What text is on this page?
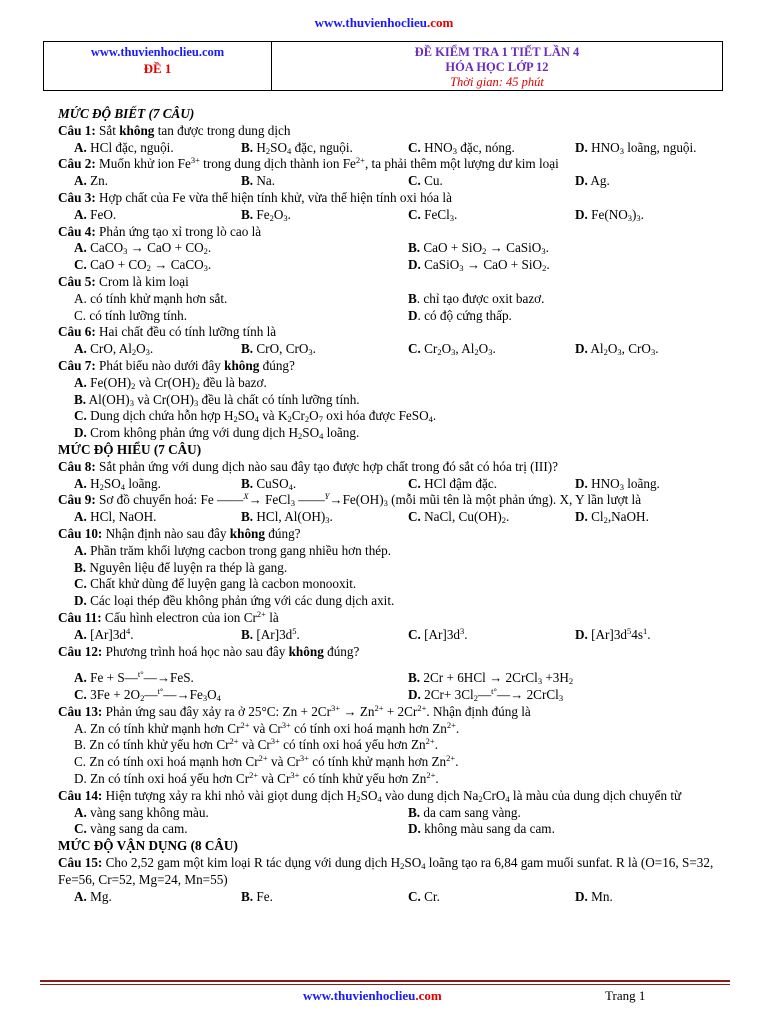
www.thuvienhoclieu.com
www.thuvienhoclieu.com
ĐỀ 1
ĐỀ KIỂM TRA 1 TIẾT LẦN 4
HÓA HỌC LỚP 12
Thời gian: 45 phút
MỨC ĐỘ BIẾT (7 CÂU)
Câu 1: Sắt không tan được trong dung dịch
A. HCl đặc, nguội.	B. $H_2SO_4$ đặc, nguội.	C. $HNO_3$ đặc, nóng.	D. $HNO_3$ loãng, nguội.
Câu 2: Muốn khử ion $Fe^{3+}$ trong dung dịch thành ion $Fe^{2+}$, ta phải thêm một lượng dư kim loại
A. Zn.	B. Na.	C. Cu.	D. Ag.
Câu 3: Hợp chất của Fe vừa thể hiện tính khử, vừa thể hiện tính oxi hóa là
A. FeO.	B. $Fe_2O_3$.	C. FeCl$_3$.	D. $Fe(NO_3)_3$.
Câu 4: Phản ứng tạo xỉ trong lò cao là
A. CaCO$_3$ → CaO + $CO_2$.	B. CaO + SiO$_2$ → CaSiO$_3$.
C. CaO + $CO_2$ → CaCO$_3$.	D. CaSiO$_3$ → CaO + SiO$_2$.
Câu 5: Crom là kim loại
A. có tính khử mạnh hơn sắt.	B. chỉ tạo được oxit bazơ.
C. có tính lưỡng tính.	D. có độ cứng thấp.
Câu 6: Hai chất đều có tính lưỡng tính là
A. CrO, $Al_2O_3$.	B. CrO, CrO$_3$.	C. $Cr_2O_3$, $Al_2O_3$.	D. $Al_2O_3$, CrO$_3$.
Câu 7: Phát biểu nào dưới đây không đúng?
A. $Fe(OH)_2$ và $Cr(OH)_2$ đều là bazơ.
B. $Al(OH)_3$ và $Cr(OH)_3$ đều là chất có tính lưỡng tính.
C. Dung dịch chứa hỗn hợp $H_2SO_4$ và $K_2Cr_2O_7$ oxi hóa được FeSO$_4$.
D. Crom không phản ứng với dung dịch $H_2SO_4$ loãng.
MỨC ĐỘ HIỂU (7 CÂU)
Câu 8: Sắt phản ứng với dung dịch nào sau đây tạo được hợp chất trong đó sắt có hóa trị (III)?
A. $H_2SO_4$ loãng.	B. CuSO$_4$.	C. HCl đậm đặc.	D. $HNO_3$ loãng.
Câu 9: Sơ đồ chuyển hoá: Fe ——$^X$→ FeCl$_3$ $——^Y\to Fe(OH)_3$ (mỗi mũi tên là một phản ứng). X, Y lần lượt là
A. HCl, NaOH.	B. HCl, $Al(OH)_3$.	C. NaCl, $Cu(OH)_2$.	D. $Cl_2,NaOH$.
Câu 10: Nhận định nào sau đây không đúng?
A. Phần trăm khối lượng cacbon trong gang nhiều hơn thép.
B. Nguyên liệu để luyện ra thép là gang.
C. Chất khử dùng để luyện gang là cacbon monooxit.
D. Các loại thép đều không phản ứng với các dung dịch axit.
Câu 11: Cấu hình electron của ion $Cr^{2+}$ là
A. $[Ar]3d^4$.	B. $[Ar]3d^5$.	C. $[Ar]3d^3$.	D. $[Ar]3d^54s^1$.
Câu 12: Phương trình hoá học nào sau đây không đúng?
A. Fe + S—$^{t^\circ}$—→FeS.	B. 2Cr + 6HCl → 2CrCl$_3$ $+3H_2$
C. $3Fe + 2O_2—^{t^\circ}—\to Fe_3O_4$	D. $2Cr+ 3Cl_2—^{t^\circ}—\to$ 2CrCl$_3$
Câu 13: Phản ứng sau đây xảy ra ở 25°C: $Zn + 2Cr^{3+} \to Zn^{2+} + 2Cr^{2+}$. Nhận định đúng là
A. Zn có tính khử mạnh hơn $Cr^{2+}$ và $Cr^{3+}$ có tính oxi hoá mạnh hơn $Zn^{2+}$.
B. Zn có tính khử yếu hơn $Cr^{2+}$ và $Cr^{3+}$ có tính oxi hoá yếu hơn $Zn^{2+}$.
C. Zn có tính oxi hoá mạnh hơn $Cr^{2+}$ và $Cr^{3+}$ có tính khử mạnh hơn $Zn^{2+}$.
D. Zn có tính oxi hoá yếu hơn $Cr^{2+}$ và $Cr^{3+}$ có tính khử yếu hơn $Zn^{2+}$.
Câu 14: Hiện tượng xảy ra khi nhỏ vài giọt dung dịch $H_2SO_4$ vào dung dịch $Na_2CrO_4$ là màu của dung dịch chuyển từ
A. vàng sang không màu.	B. da cam sang vàng.
C. vàng sang da cam.	D. không màu sang da cam.
MỨC ĐỘ VẬN DỤNG (8 CÂU)
Câu 15: Cho 2,52 gam một kim loại R tác dụng với dung dịch $H_2SO_4$ loãng tạo ra 6,84 gam muối sunfat. R là (O=16, S=32, Fe=56, Cr=52, Mg=24, Mn=55)
A. Mg.	B. Fe.	C. Cr.	D. Mn.
www.thuvienhoclieu.com	Trang 1
